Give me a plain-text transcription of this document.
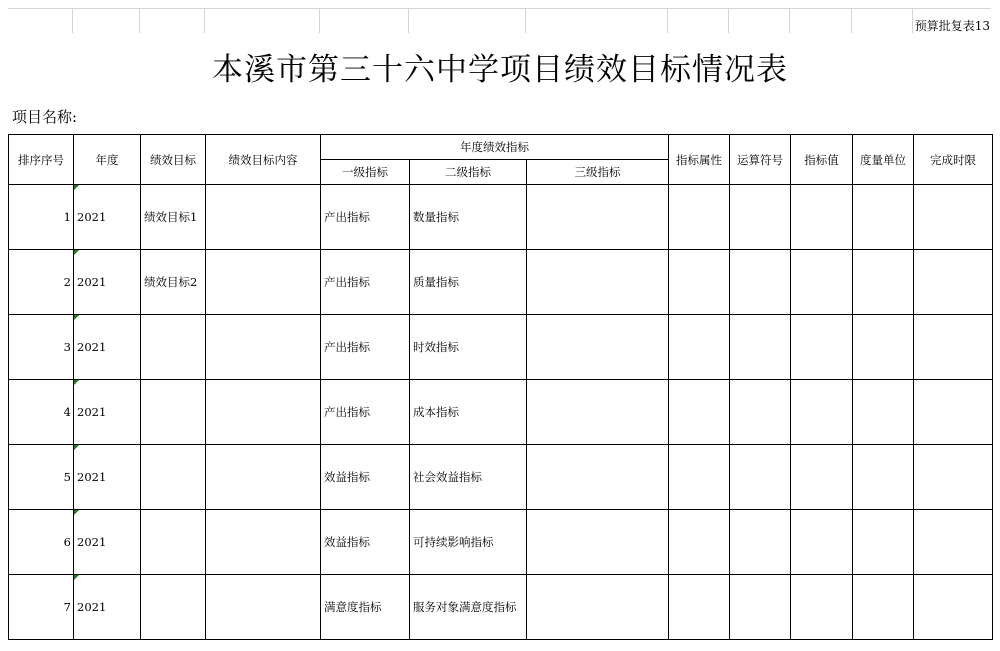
预算批复表13
本溪市第三十六中学项目绩效目标情况表
项目名称:
排序序号	年度	绩效目标	绩效目标内容	年度绩效指标			指标属性	运算符号	指标值	度量单位	完成时限
				一级指标	二级指标	三级指标					
1	2021	绩效目标1		产出指标	数量指标						
2	2021	绩效目标2		产出指标	质量指标						
3	2021			产出指标	时效指标						
4	2021			产出指标	成本指标						
5	2021			效益指标	社会效益指标						
6	2021			效益指标	可持续影响指标						
7	2021			满意度指标	服务对象满意度指标						
